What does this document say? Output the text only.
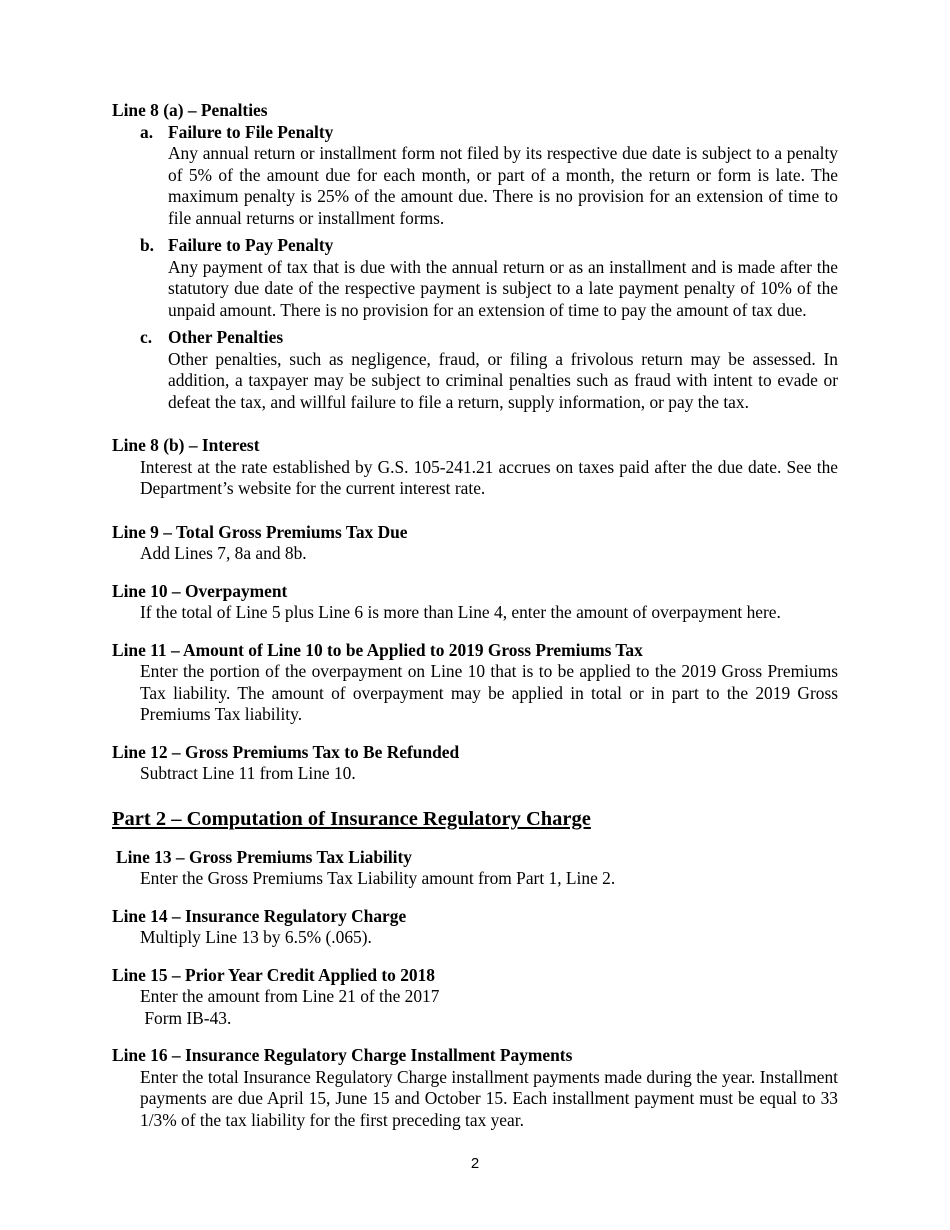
Line 8 (a) – Penalties

a. Failure to File Penalty

Any annual return or installment form not filed by its respective due date is subject to a penalty of 5% of the amount due for each month, or part of a month, the return or form is late. The maximum penalty is 25% of the amount due. There is no provision for an extension of time to file annual returns or installment forms.

b. Failure to Pay Penalty

Any payment of tax that is due with the annual return or as an installment and is made after the statutory due date of the respective payment is subject to a late payment penalty of 10% of the unpaid amount. There is no provision for an extension of time to pay the amount of tax due.

c. Other Penalties

Other penalties, such as negligence, fraud, or filing a frivolous return may be assessed. In addition, a taxpayer may be subject to criminal penalties such as fraud with intent to evade or defeat the tax, and willful failure to file a return, supply information, or pay the tax.

Line 8 (b) – Interest

Interest at the rate established by G.S. 105-241.21 accrues on taxes paid after the due date. See the Department’s website for the current interest rate.

Line 9 – Total Gross Premiums Tax Due

Add Lines 7, 8a and 8b.

Line 10 – Overpayment

If the total of Line 5 plus Line 6 is more than Line 4, enter the amount of overpayment here.

Line 11 – Amount of Line 10 to be Applied to 2019 Gross Premiums Tax

Enter the portion of the overpayment on Line 10 that is to be applied to the 2019 Gross Premiums Tax liability. The amount of overpayment may be applied in total or in part to the 2019 Gross Premiums Tax liability.

Line 12 – Gross Premiums Tax to Be Refunded

Subtract Line 11 from Line 10.

Part 2 – Computation of Insurance Regulatory Charge

Line 13 – Gross Premiums Tax Liability

Enter the Gross Premiums Tax Liability amount from Part 1, Line 2.

Line 14 – Insurance Regulatory Charge

Multiply Line 13 by 6.5% (.065).

Line 15 – Prior Year Credit Applied to 2018

Enter the amount from Line 21 of the 2017

Form IB-43.

Line 16 – Insurance Regulatory Charge Installment Payments

Enter the total Insurance Regulatory Charge installment payments made during the year. Installment payments are due April 15, June 15 and October 15. Each installment payment must be equal to 33 1/3% of the tax liability for the first preceding tax year.

2
